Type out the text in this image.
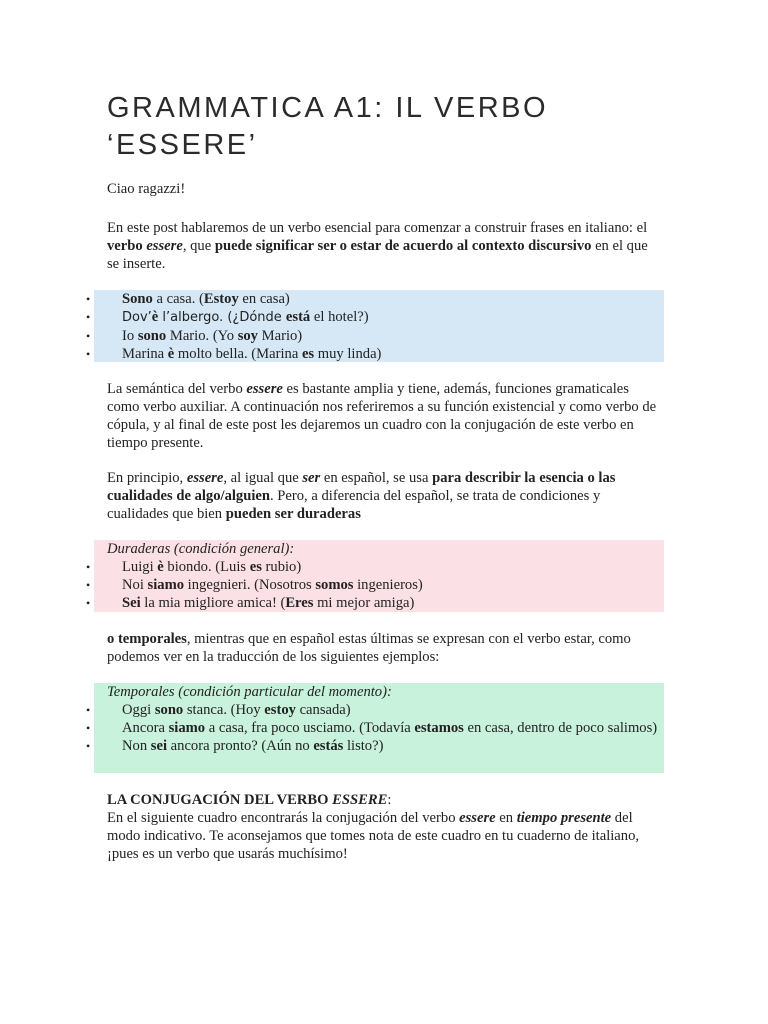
GRAMMATICA A1: IL VERBO
‘ESSERE’

Ciao ragazzi!

En este post hablaremos de un verbo esencial para comenzar a construir frases en italiano: el verbo essere, que puede significar ser o estar de acuerdo al contexto discursivo en el que se inserte.

• Sono a casa. (Estoy en casa)
• Dov’è l’albergo. (¿Dónde está el hotel?)
• Io sono Mario. (Yo soy Mario)
• Marina è molto bella. (Marina es muy linda)

La semántica del verbo essere es bastante amplia y tiene, además, funciones gramaticales como verbo auxiliar. A continuación nos referiremos a su función existencial y como verbo de cópula, y al final de este post les dejaremos un cuadro con la conjugación de este verbo en tiempo presente.

En principio, essere, al igual que ser en español, se usa para describir la esencia o las cualidades de algo/alguien. Pero, a diferencia del español, se trata de condiciones y cualidades que bien pueden ser duraderas

Duraderas (condición general):
• Luigi è biondo. (Luis es rubio)
• Noi siamo ingegnieri. (Nosotros somos ingenieros)
• Sei la mia migliore amica! (Eres mi mejor amiga)

o temporales, mientras que en español estas últimas se expresan con el verbo estar, como podemos ver en la traducción de los siguientes ejemplos:

Temporales (condición particular del momento):
• Oggi sono stanca. (Hoy estoy cansada)
• Ancora siamo a casa, fra poco usciamo. (Todavía estamos en casa, dentro de poco salimos)
• Non sei ancora pronto? (Aún no estás listo?)

LA CONJUGACIÓN DEL VERBO ESSERE:

En el siguiente cuadro encontrarás la conjugación del verbo essere en tiempo presente del modo indicativo. Te aconsejamos que tomes nota de este cuadro en tu cuaderno de italiano, ¡pues es un verbo que usarás muchísimo!
